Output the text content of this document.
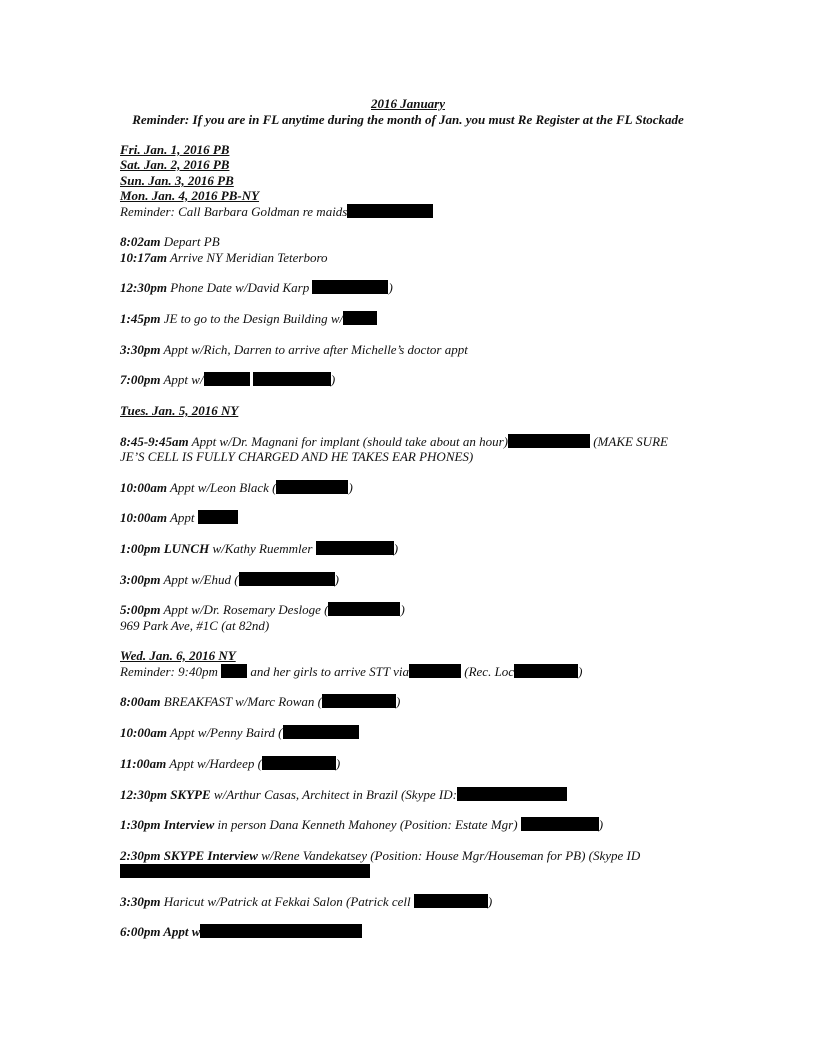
2016 January
Reminder: If you are in FL anytime during the month of Jan. you must Re Register at the FL Stockade
Fri. Jan. 1, 2016 PB
Sat. Jan. 2, 2016 PB
Sun. Jan. 3, 2016 PB
Mon. Jan. 4, 2016 PB-NY
Reminder: Call Barbara Goldman re maids
8:02am Depart PB
10:17am Arrive NY Meridian Teterboro
12:30pm Phone Date w/David Karp	)
1:45pm JE to go to the Design Building w/
3:30pm Appt w/Rich, Darren to arrive after Michelle’s doctor appt
7:00pm Appt w/	)
Tues. Jan. 5, 2016 NY
8:45-9:45am Appt w/Dr. Magnani for implant (should take about an hour)	(MAKE SURE
JE’S CELL IS FULLY CHARGED AND HE TAKES EAR PHONES)
10:00am Appt w/Leon Black (	)
10:00am Appt
1:00pm LUNCH w/Kathy Ruemmler	)
3:00pm Appt w/Ehud (	)
5:00pm Appt w/Dr. Rosemary Desloge (	)
969 Park Ave, #1C (at 82nd)
Wed. Jan. 6, 2016 NY
Reminder: 9:40pm	and her girls to arrive STT via	(Rec. Loc	)
8:00am BREAKFAST w/Marc Rowan (	)
10:00am Appt w/Penny Baird (
11:00am Appt w/Hardeep (	)
12:30pm SKYPE w/Arthur Casas, Architect in Brazil (Skype ID:
1:30pm Interview in person Dana Kenneth Mahoney (Position: Estate Mgr)	)
2:30pm SKYPE Interview w/Rene Vandekatsey (Position: House Mgr/Houseman for PB) (Skype ID
3:30pm Haricut w/Patrick at Fekkai Salon (Patrick cell	)
6:00pm Appt w
